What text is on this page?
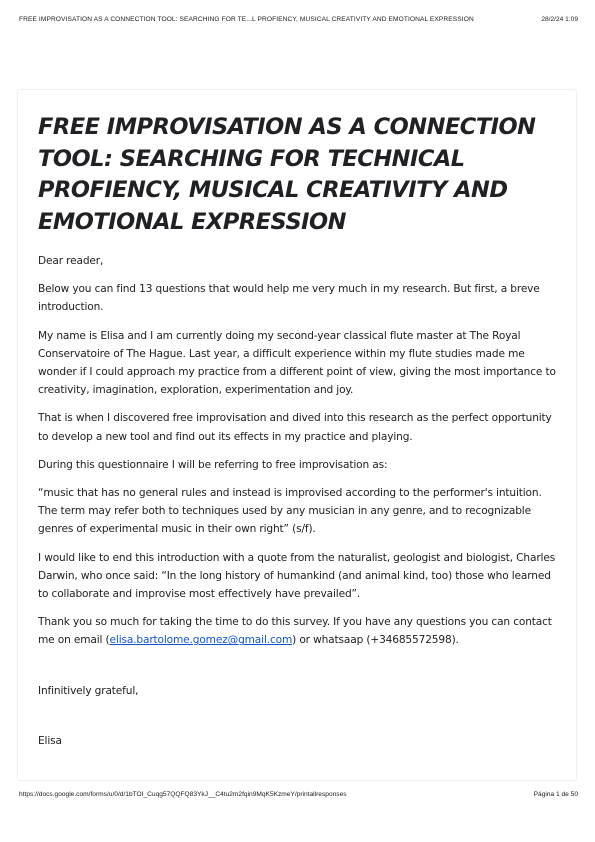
FREE IMPROVISATION AS A CONNECTION TOOL: SEARCHING FOR TE...L PROFIENCY, MUSICAL CREATIVITY AND EMOTIONAL EXPRESSION	28/2/24 1:09
FREE IMPROVISATION AS A CONNECTION TOOL: SEARCHING FOR TECHNICAL PROFIENCY, MUSICAL CREATIVITY AND EMOTIONAL EXPRESSION

Dear reader,

Below you can find 13 questions that would help me very much in my research. But first, a breve introduction.

My name is Elisa and I am currently doing my second-year classical flute master at The Royal Conservatoire of The Hague. Last year, a difficult experience within my flute studies made me wonder if I could approach my practice from a different point of view, giving the most importance to creativity, imagination, exploration, experimentation and joy.

That is when I discovered free improvisation and dived into this research as the perfect opportunity to develop a new tool and find out its effects in my practice and playing.

During this questionnaire I will be referring to free improvisation as:

“music that has no general rules and instead is improvised according to the performer's intuition. The term may refer both to techniques used by any musician in any genre, and to recognizable genres of experimental music in their own right” (s/f).

I would like to end this introduction with a quote from the naturalist, geologist and biologist, Charles Darwin, who once said: “In the long history of humankind (and animal kind, too) those who learned to collaborate and improvise most effectively have prevailed”.

Thank you so much for taking the time to do this survey. If you have any questions you can contact me on email (elisa.bartolome.gomez@gmail.com) or whatsaap (+34685572598).

Infinitively grateful,

Elisa

https://docs.google.com/forms/u/0/d/1bTOI_Cuqg57QQFQ83YkJ__C4tu2m2fqin9MqK5KzmeY/printallresponses	Página 1 de 50
